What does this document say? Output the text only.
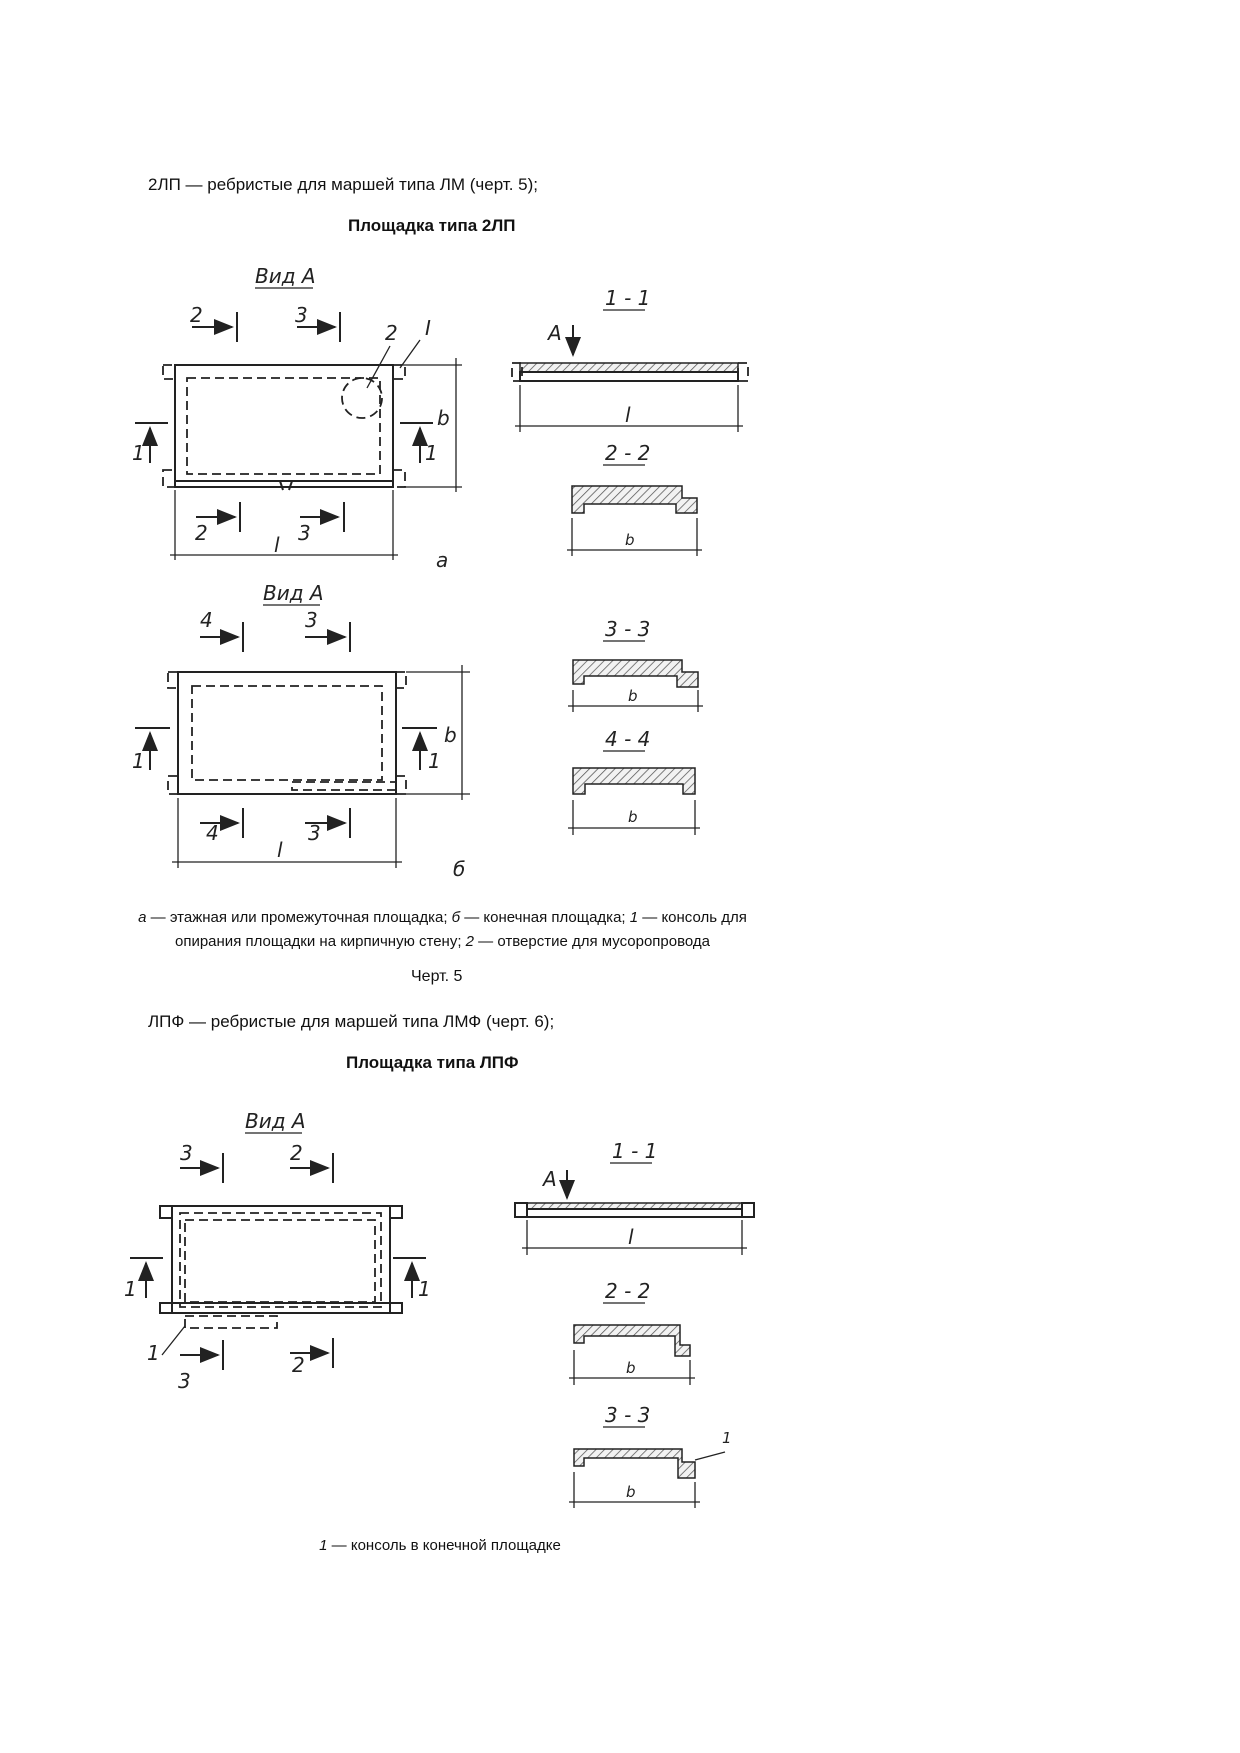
2ЛП — ребристые для маршей типа ЛМ (черт. 5);
Площадка типа 2ЛП
а — этажная или промежуточная площадка; б — конечная площадка; 1 — консоль для
опирания площадки на кирпичную стену; 2 — отверстие для мусоропровода
Черт. 5
ЛПФ — ребристые для маршей типа ЛМФ (черт. 6);
Площадка типа ЛПФ
1 — консоль в конечной площадке
Вид А
2 I
2	3
2	3
1	1
l
b
a
1 - 1
A
l
2 - 2
b
Вид А
4	3
4	3
1	1
l
b
б
3 - 3
b
4 - 4
b
Вид А
1
3	2
3
2
1	1
1 - 1
A
l
2 - 2
b
3 - 3
1
b
